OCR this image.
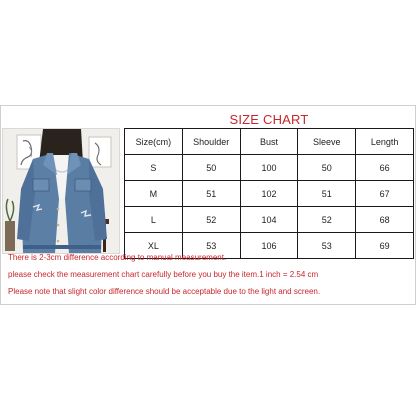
SIZE CHART
Size(cm)	Shoulder	Bust	Sleeve	Length
S	50	100	50	66
M	51	102	51	67
L	52	104	52	68
XL	53	106	53	69

There is 2-3cm difference according to manual measurement.

please check the measurement chart carefully before you buy the item.1 inch = 2.54 cm

Please note that slight color difference should be acceptable due to the light and screen.
